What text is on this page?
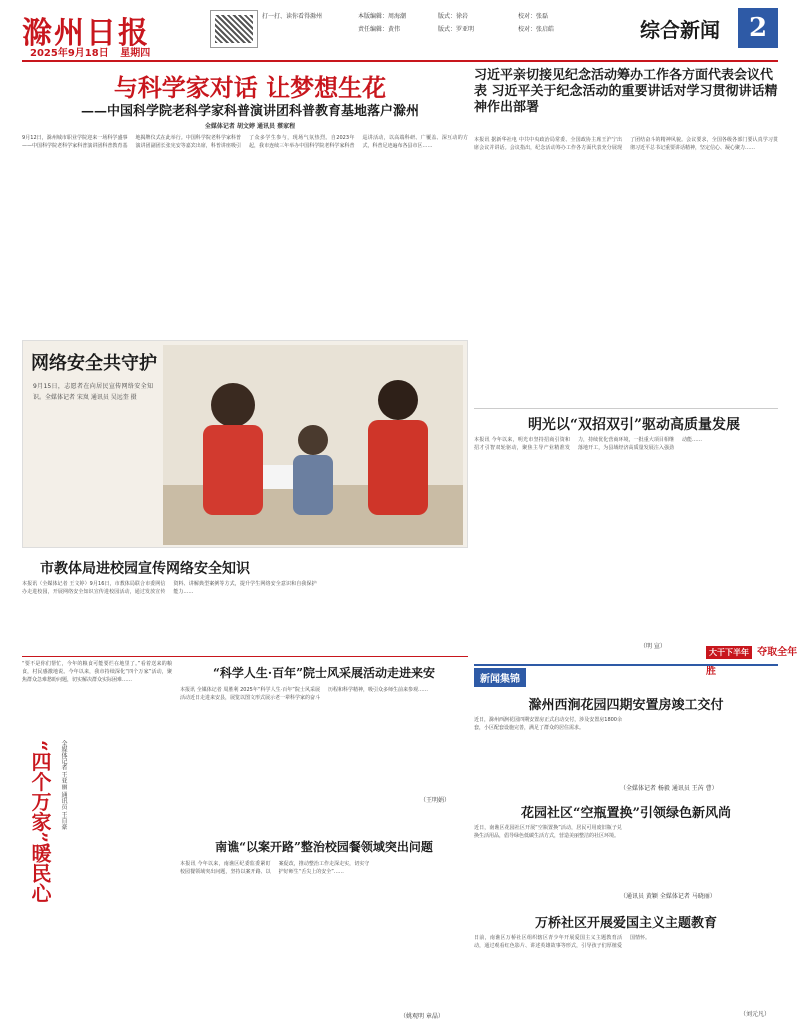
滁州日报
2025年9月18日 星期四
打一打、读你看得滁州	本版编辑：周海潮	版式：徐岩	校对：张磊
责任编辑：黄伟	版式：罗亚明	校对：张启皓	综合新闻	2
与科学家对话 让梦想生花
——中国科学院老科学家科普演讲团科普教育基地落户滁州
全媒体记者 胡文婷 通讯员 蔡家程
9月12日，滁州城市职业学院迎来一场科学盛事——中国科学院老科学家科普演讲团科普教育基地揭牌仪式在此举行。中国科学院老科学家科普演讲团副团长张宪安等嘉宾出席，科普讲座吸引了众多学生参与，现场气氛热烈。自2023年起，我市连续三年举办中国科学院老科学家科普巡讲活动，以高端科研、广覆盖、深互动的方式，科普足迹遍布各县市区……
网络安全共守护
9月15日，志愿者在向居民宣传网络安全知识。全媒体记者 宋岚 通讯员 吴远奎 摄
市教体局进校园宣传网络安全知识
本报讯（全媒体记者 王文婷）9月16日，市教体局联合市委网信办走进校园，开展网络安全知识宣传进校园活动，通过发放宣传资料、讲解典型案例等方式，提升学生网络安全意识和自我保护能力……
习近平亲切接见纪念活动筹办工作各方面代表会议代表 习近平关于纪念活动的重要讲话对学习贯彻讲话精神作出部署
本报讯 据新华社电 中共中央政治局常委、全国政协主席王沪宁出席会议并讲话。会议指出，纪念活动筹办工作各方面代表充分展现了团结奋斗的精神风貌。会议要求，全国各级各部门要认真学习贯彻习近平总书记重要讲话精神，坚定信心、凝心聚力……
明光以“双招双引”驱动高质量发展
本报讯 今年以来，明光市坚持招商引资和招才引智双轮驱动，聚焦主导产业精准发力，持续优化营商环境，一批重大项目相继落地开工，为县域经济高质量发展注入强劲动能……
大干下半年 夺取全年胜
（明 宣）
“要不是你们帮忙，今年的粮食可能要烂在地里了。”看着送来的粮食，村民感激地说。今年以来，我市持续深化“四个万家”活动，聚焦群众急难愁盼问题，切实解决群众实际困难……
“四个万家”暖民心	全媒体记者 王亚丽 通讯员 王自豪
“科学人生·百年”院士风采展活动走进来安
本报讯 全媒体记者 周胜利 2025年“科学人生·百年”院士风采展活动近日走进来安县，展览以图文形式展示老一辈科学家的奋斗历程和科学精神，吸引众多师生前来参观……
（王明娟）
南谯“以案开路”整治校园餐领域突出问题
本报讯 今年以来，南谯区纪委监委紧盯校园餐领域突出问题，坚持以案开路、以案促改，推动整治工作走深走实，切实守护好师生“舌尖上的安全”……
（姚观明 章晶）
新闻集锦
滁州西涧花园四期安置房竣工交付
近日，滁州西涧花园四期安置房正式启动交付，涉及安置房1800余套，小区配套设施完善，满足了群众的居住需求。
（全媒体记者 杨毅 通讯员 王芮 曹）
花园社区“空瓶置换”引领绿色新风尚
近日，南谯区花园社区开展“空瓶置换”活动，居民可用废旧瓶子兑换生活用品，倡导绿色低碳生活方式，营造美丽整洁的社区环境。
（通讯员 黄颖 全媒体记者 马晓丽）
万桥社区开展爱国主义主题教育
日前，南谯区万桥社区组织辖区青少年开展爱国主义主题教育活动，通过观看红色影片、讲述英雄故事等形式，引导孩子们厚植爱国情怀。
（刘元凡）
